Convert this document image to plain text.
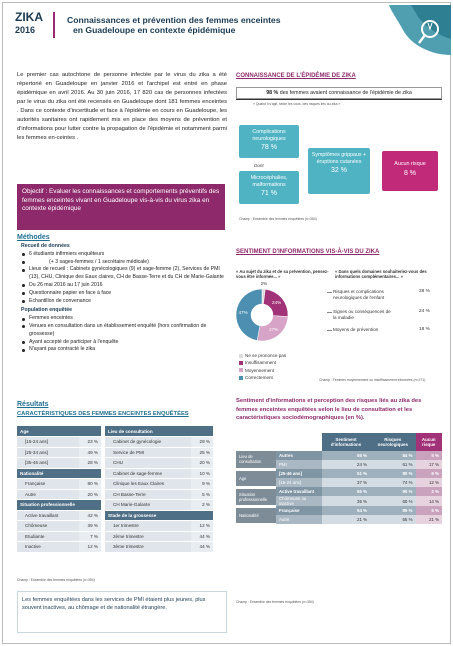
ZIKA
2016
Connaissances et prévention des femmes enceintes
en Guadeloupe en contexte épidémique
Le premier cas autochtone de personne infectée par le virus du zika a été répertorié en Guadeloupe en janvier 2016 et l'archipel est entré en phase épidémique en avril 2016. Au 30 juin 2016, 17 820 cas de personnes infectées par le virus du zika ont été recensés en Guadeloupe dont 181 femmes enceintes . Dans ce contexte d'incertitude et face à l'épidémie en cours en Guadeloupe, les autorités sanitaires ont rapidement mis en place des moyens de prévention et d'informations pour lutter contre la propagation de l'épidémie et notamment parmi les femmes en-ceintes .
Objectif : Evaluer les connaissances et comportements préventifs des femmes enceintes vivant en Guadeloupe vis-à-vis du virus zika en contexte épidémique
Méthodes
Recueil de données
6 étudiants infirmiers enquêteurs
(+ 3 sages-femmes / 1 secrétaire médicale)
Lieux de recueil : Cabinets gynécologiques (9) et sage-femme (2), Services de PMI (13), CHU, Clinique des Eaux claires, CH de Basse-Terre et du CH de Marie-Galante
Du 26 mai 2016 au 17 juin 2016
Questionnaire papier en face à face
Echantillon de convenance
Population enquêtée
Femmes enceintes
Venues en consultation dans un établissement enquêté (hors confirmation de grossesse)
Ayant accepté de participer à l'enquête
N'ayant pas contracté le zika
Résultats
CARACTÉRISTIQUES DES FEMMES ENCEINTES ENQUÊTÉES
Age	
[15-24 ans]	23 %
[25-34 ans]	49 %
[35-46 ans]	28 %
Nationalité	
Française	80 %
Autre	20 %
Situation professionnelle	
Active travaillant	42 %
Chômeuse	39 %
Etudiante	7 %
Inactive	12 %
Lieu de consultation	
Cabinet de gynécologie	29 %
Service de PMI	25 %
CHU	20 %
Cabinet de sage-femme	10 %
Clinique les Eaux Claires	9 %
CH Basse-Terre	5 %
CH Marie-Galante	2 %
Stade de la grossesse	
1er trimestre	12 %
2ème trimestre	44 %
3ème trimestre	44 %
Champ : Ensemble des femmes enquêtées (n=354)
Les femmes enquêtées dans les services de PMI étaient plus jeunes, plus souvent inactives, au chômage et de nationalité étrangère.
CONNAISSANCE DE L'ÉPIDÉMIE DE ZIKA
98 % des femmes avaient connaissance de l'épidémie de zika
« Quand il s'agit, selon les vous, des risques liés au zika »
Complications neurologiques
78 %
Dont
Microcéphalies, malformations
71 %
Symptômes grippaux + éruptions cutanées
32 %
Aucun risque
8 %
Champ : Ensemble des femmes enquêtées (n=354)
SENTIMENT D'INFORMATIONS VIS-À-VIS DU ZIKA
« Au sujet du zika et de sa prévention, pensez-vous être informée... »
« Dans quels domaines souhaiteriez-vous des informations complémentaires... »
2%
24%
27%
47%
Ne se prononce pas
Insuffisamment
Moyennement
Correctement
Risques et complications neurologiques de l'enfant
28 %
Signes ou conséquences de la maladie
24 %
Moyens de prévention	18 %
Champ : Femmes moyennement ou insuffisamment informées (n=271)
Sentiment d'informations et perception des risques liés au zika des femmes enceintes enquêtées selon le lieu de consultation et les caractéristiques sociodémographiques (en %).
		Sentiment d'informations	Risques neurologiques	Aucun risque
Lieu de consultation	Autres	55 %	84 %	5 %
	PMI	24 %	61 %	17 %
Age	[25-46 ans]	51 %	80 %	6 %
	[15-24 ans]	37 %	74 %	12 %
Situation professionnelle	Active travaillant	65 %	90 %	2 %
	Chômeuse ou inactive	35 %	60 %	14 %
Nationalité	Française	54 %	85 %	5 %
	Autre	21 %	55 %	21 %
Champ : Ensemble des femmes enquêtées (n=354)
